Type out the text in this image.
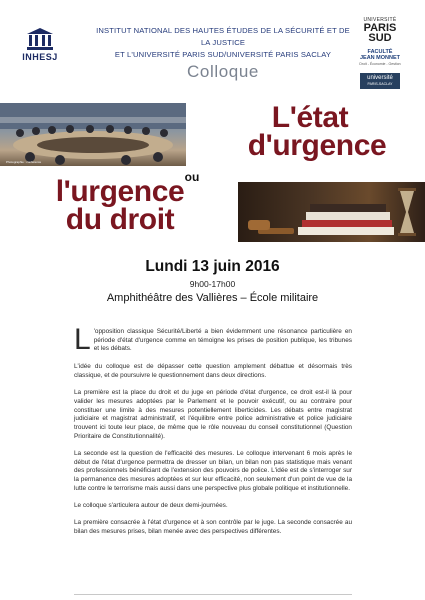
INHESJ
INSTITUT NATIONAL DES HAUTES ÉTUDES DE LA SÉCURITÉ ET DE LA JUSTICE
ET L'UNIVERSITÉ PARIS SUD/UNIVERSITÉ PARIS SACLAY
Colloque
UNIVERSITÉ
PARIS
SUD
FACULTÉ
JEAN MONNET
Droit - Économie - Gestion
université
PARIS-SACLAY
Photographie : conférence
L'état
d'urgence
ou
l'urgence
du droit
Lundi 13 juin 2016
9h00-17h00
Amphithéâtre des Vallières – École militaire

L 'opposition classique Sécurité/Liberté a bien évidemment une résonance particulière en période d'état d'urgence comme en témoigne les prises de position publique, les tribunes et les débats.

L'idée du colloque est de dépasser cette question amplement débattue et désormais très classique, et de poursuivre le questionnement dans deux directions.

La première est la place du droit et du juge en période d'état d'urgence, ce droit est-il là pour valider les mesures adoptées par le Parlement et le pouvoir exécutif, ou au contraire pour constituer une limite à des mesures potentiellement liberticides. Les débats entre magistrat judiciaire et magistrat administratif, et l'équilibre entre police administrative et police judiciaire trouvent ici toute leur place, de même que le rôle nouveau du conseil constitutionnel (Question Prioritaire de Constitutionnalité).

La seconde est la question de l'efficacité des mesures. Le colloque intervenant 6 mois après le début de l'état d'urgence permettra de dresser un bilan, un bilan non pas statistique mais venant des professionnels bénéficiant de l'extension des pouvoirs de police. L'idée est de s'interroger sur la permanence des mesures adoptées et sur leur efficacité, non seulement d'un point de vue de la lutte contre le terrorisme mais aussi dans une perspective plus globale politique et institutionnelle.

Le colloque s'articulera autour de deux demi-journées.

La première consacrée à l'état d'urgence et à son contrôle par le juge. La seconde consacrée au bilan des mesures prises, bilan menée avec des perspectives différentes.
